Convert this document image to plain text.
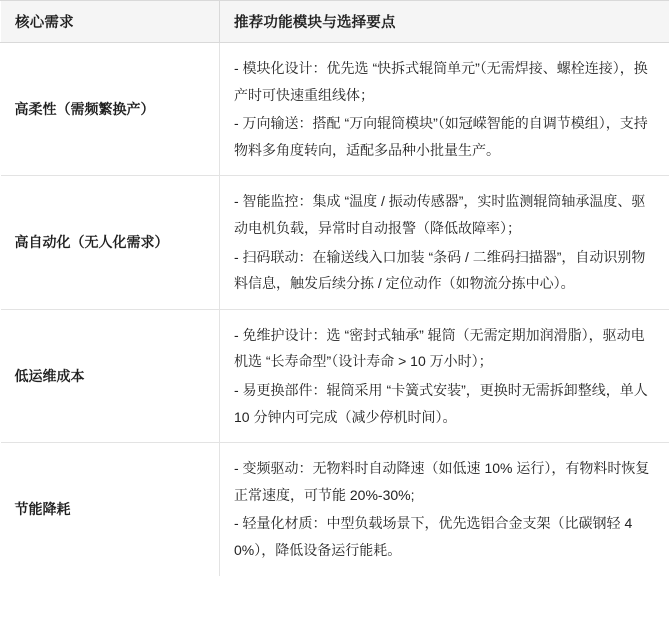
核心需求	推荐功能模块与选择要点
高柔性（需频繁换产）	- 模块化设计：优先选 “快拆式辊筒单元”（无需焊接、螺栓连接），换产时可快速重组线体；

- 万向输送：搭配 “万向辊筒模块”（如冠嵘智能的自调节模组），支持物料多角度转向，适配多品种小批量生产。

高自动化（无人化需求）	- 智能监控：集成 “温度 / 振动传感器”，实时监测辊筒轴承温度、驱动电机负载，异常时自动报警（降低故障率）；

- 扫码联动：在输送线入口加装 “条码 / 二维码扫描器”，自动识别物料信息，触发后续分拣 / 定位动作（如物流分拣中心）。

低运维成本	- 免维护设计：选 “密封式轴承” 辊筒（无需定期加润滑脂），驱动电机选 “长寿命型”（设计寿命 > 10 万小时）；

- 易更换部件：辊筒采用 “卡簧式安装”，更换时无需拆卸整线，单人 10 分钟内可完成（减少停机时间）。

节能降耗	- 变频驱动：无物料时自动降速（如低速 10% 运行），有物料时恢复正常速度，可节能 20%-30%;

- 轻量化材质：中型负载场景下，优先选铝合金支架（比碳钢轻 40%），降低设备运行能耗。
